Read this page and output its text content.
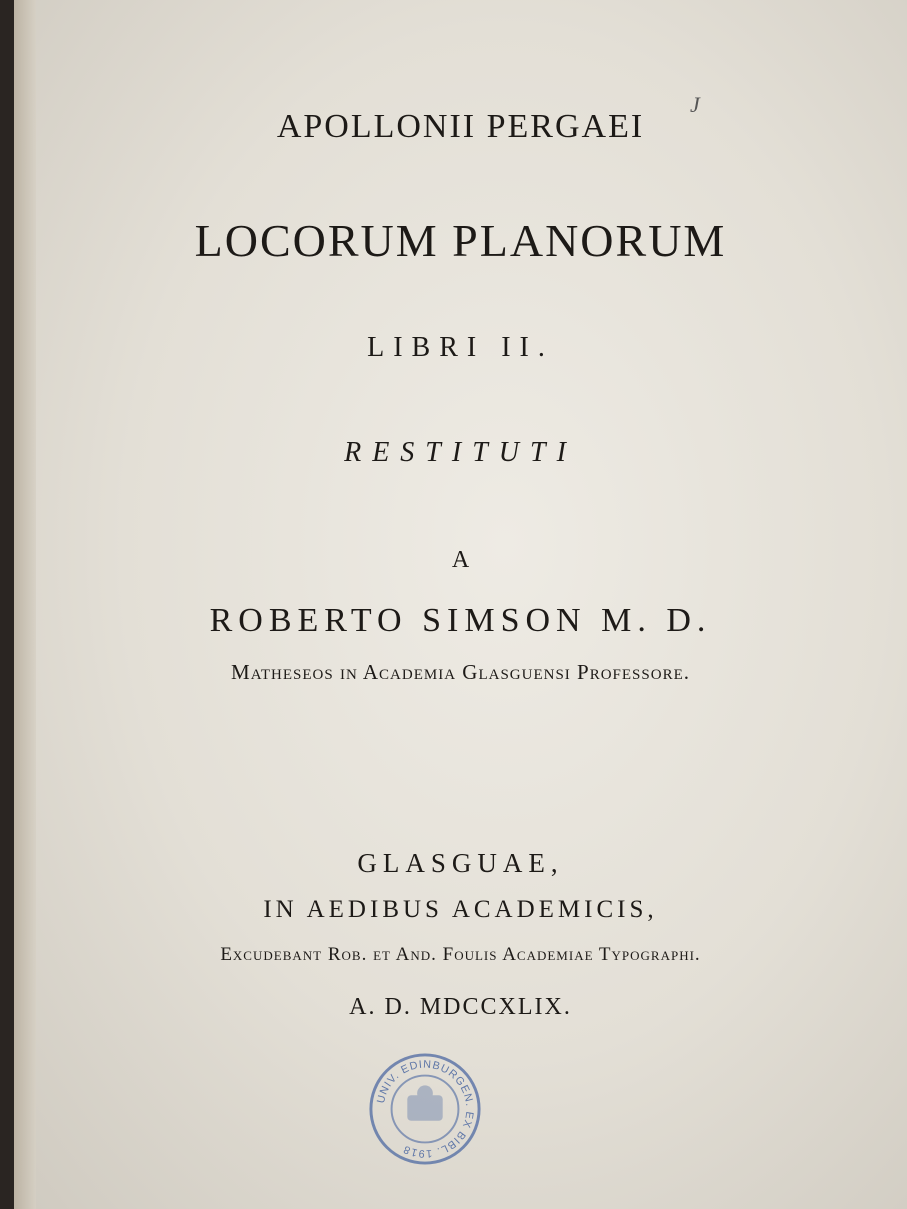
APOLLONII PERGAEI
LOCORUM PLANORUM
LIBRI II.
RESTITUTI
A
ROBERTO SIMSON M. D.
Matheseos in Academia Glasguensi Professore.
GLASGUAE,
IN AEDIBUS ACADEMICIS,
Excudebant Rob. et And. Foulis Academiae Typographi.
A. D. MDCCXLIX.
J
UNIV. EDINBURGEN. EX BIBL. 1918
